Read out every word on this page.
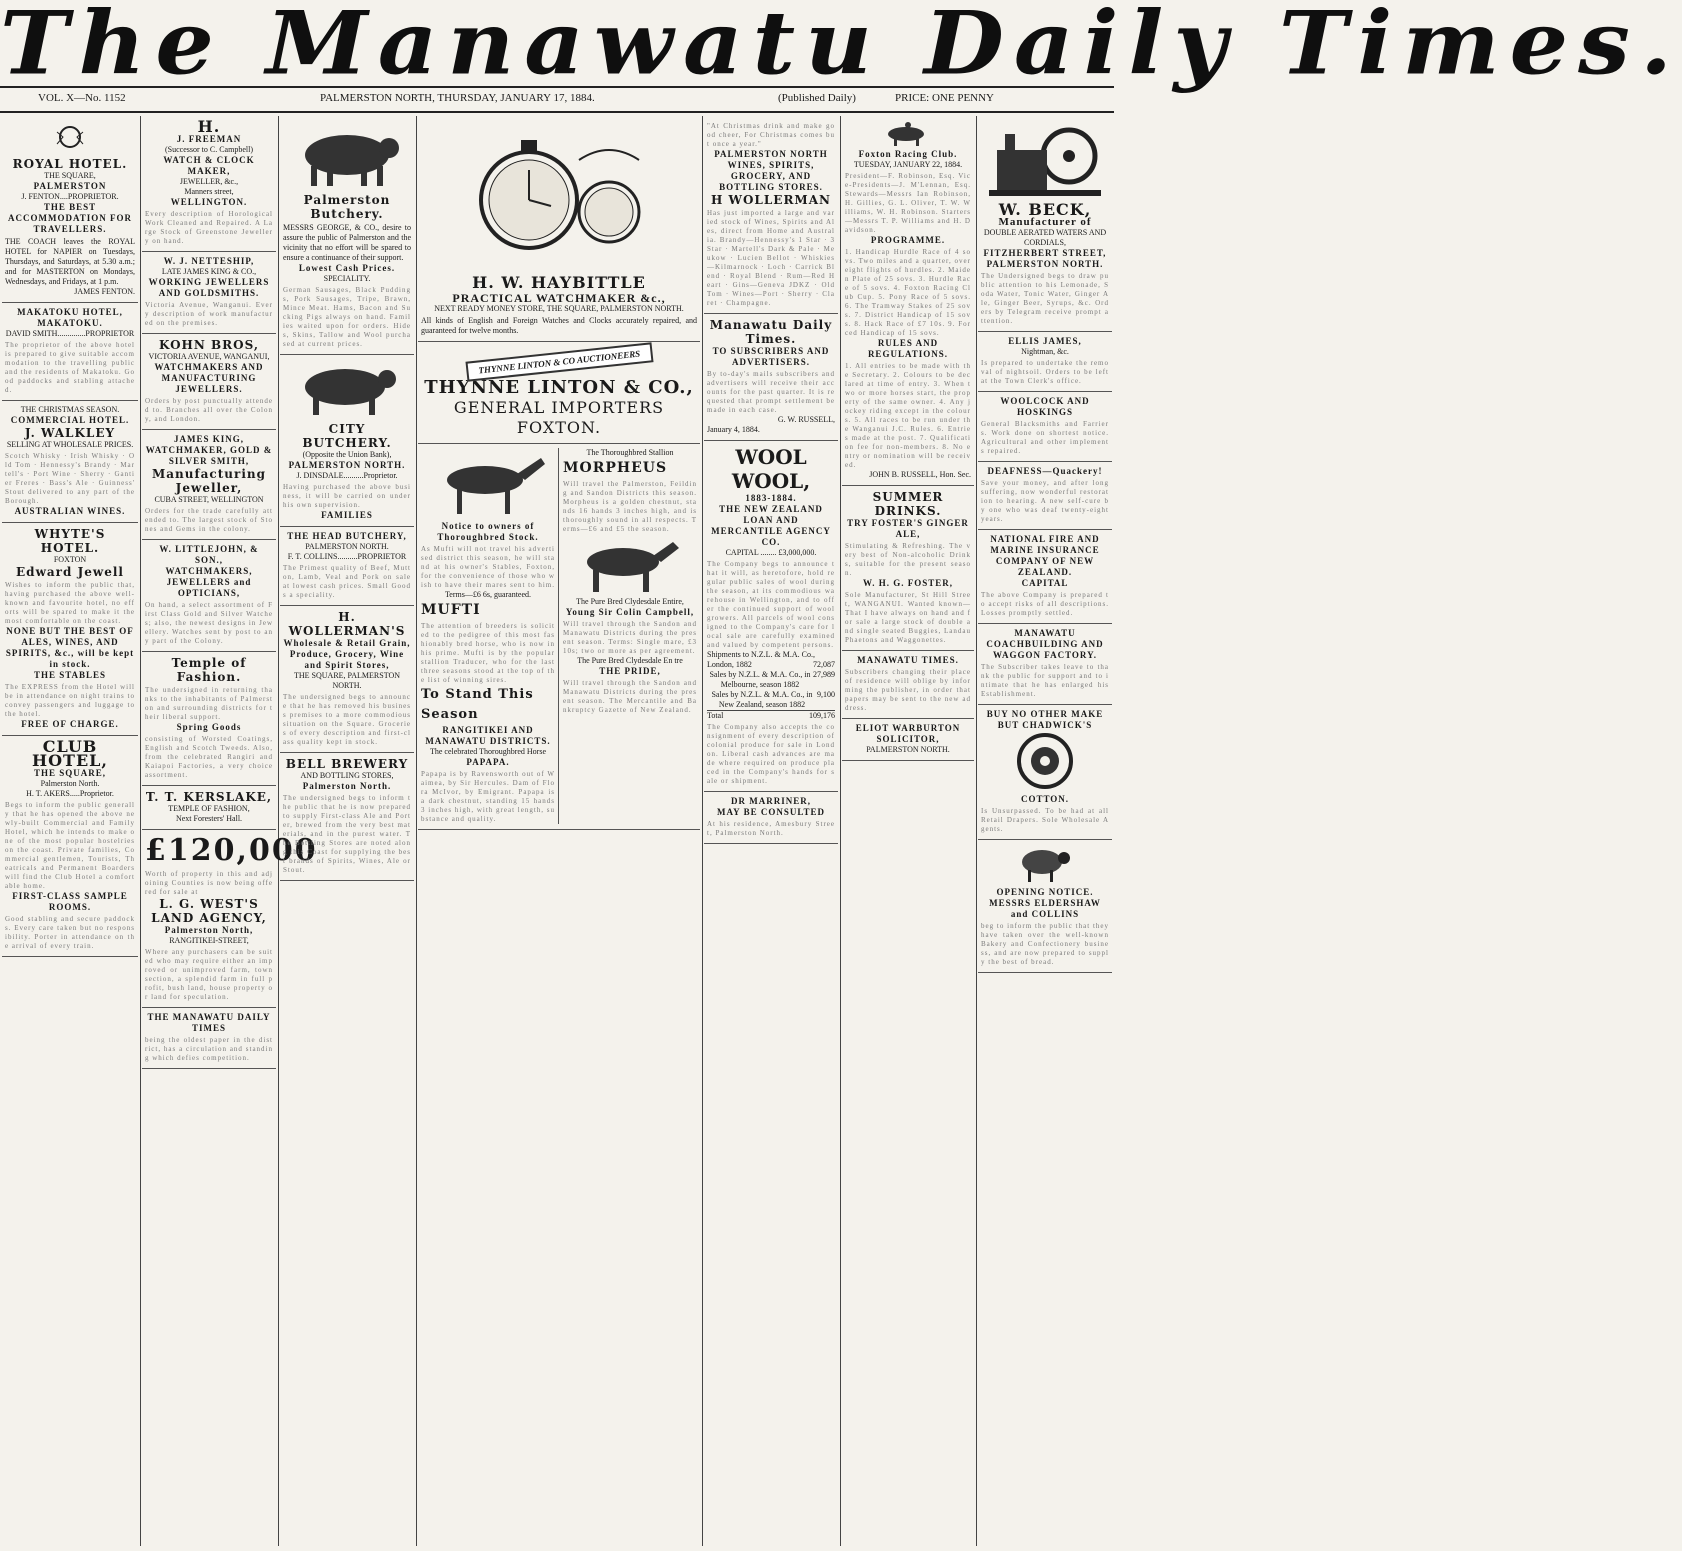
The Manawatu Daily Times.
VOL. X—No. 1152	PALMERSTON NORTH, THURSDAY, JANUARY 17, 1884.	(Published Daily)	PRICE: ONE PENNY
ROYAL HOTEL.
THE SQUARE,
PALMERSTON
J. FENTON....PROPRIETOR.
THE BEST ACCOMMODATION FOR TRAVELLERS.

THE COACH leaves the ROYAL HOTEL for NAPIER on Tuesdays, Thursdays, and Saturdays, at 5.30 a.m.; and for MASTERTON on Mondays, Wednesdays, and Fridays, at 1 p.m.

JAMES FENTON.
MAKATOKU HOTEL, MAKATOKU.
DAVID SMITH..............PROPRIETOR

The proprietor of the above hotel is prepared to give suitable accommodation to the travelling public and the residents of Makatoku. Good paddocks and stabling attached.

THE CHRISTMAS SEASON.
COMMERCIAL HOTEL.
J. WALKLEY
SELLING AT WHOLESALE PRICES.

Scotch Whisky · Irish Whisky · Old Tom · Hennessy's Brandy · Martell's · Port Wine · Sherry · Gantier Freres · Bass's Ale · Guinness' Stout delivered to any part of the Borough.

AUSTRALIAN WINES.
WHYTE'S HOTEL.
FOXTON
Edward Jewell

Wishes to inform the public that, having purchased the above well-known and favourite hotel, no efforts will be spared to make it the most comfortable on the coast.

NONE BUT THE BEST OF ALES, WINES, AND SPIRITS, &c., will be kept in stock.
THE STABLES

The EXPRESS from the Hotel will be in attendance on night trains to convey passengers and luggage to the hotel.

FREE OF CHARGE.
CLUB HOTEL,
THE SQUARE,
Palmerston North.
H. T. AKERS.....Proprietor.

Begs to inform the public generally that he has opened the above newly-built Commercial and Family Hotel, which he intends to make one of the most popular hostelries on the coast. Private families, Commercial gentlemen, Tourists, Theatricals and Permanent Boarders will find the Club Hotel a comfortable home.

FIRST-CLASS SAMPLE ROOMS.

Good stabling and secure paddocks. Every care taken but no responsibility. Porter in attendance on the arrival of every train.

H.
J. FREEMAN
(Successor to C. Campbell)
WATCH & CLOCK MAKER,
JEWELLER, &c.,
Manners street,
WELLINGTON.

Every description of Horological Work Cleaned and Repaired. A Large Stock of Greenstone Jewellery on hand.

W. J. NETTESHIP,
LATE JAMES KING & CO.,
WORKING JEWELLERS AND GOLDSMITHS.

Victoria Avenue, Wanganui. Every description of work manufactured on the premises.

KOHN BROS,
VICTORIA AVENUE, WANGANUI,
WATCHMAKERS AND MANUFACTURING JEWELLERS.

Orders by post punctually attended to. Branches all over the Colony, and London.

JAMES KING, WATCHMAKER, GOLD & SILVER SMITH,
Manufacturing Jeweller,
CUBA STREET, WELLINGTON

Orders for the trade carefully attended to. The largest stock of Stones and Gems in the colony.

W. LITTLEJOHN, & SON.,
WATCHMAKERS, JEWELLERS and OPTICIANS,

On hand, a select assortment of First Class Gold and Silver Watches; also, the newest designs in Jewellery. Watches sent by post to any part of the Colony.

Temple of Fashion.

The undersigned in returning thanks to the inhabitants of Palmerston and surrounding districts for their liberal support.

Spring Goods

consisting of Worsted Coatings, English and Scotch Tweeds. Also, from the celebrated Rangiri and Kaiapoi Factories, a very choice assortment.

T. T. KERSLAKE,
TEMPLE OF FASHION,
Next Foresters' Hall.
£120,000

Worth of property in this and adjoining Counties is now being offered for sale at

L. G. WEST'S
LAND AGENCY,
Palmerston North,
RANGITIKEI-STREET,

Where any purchasers can be suited who may require either an improved or unimproved farm, town section, a splendid farm in full profit, bush land, house property or land for speculation.

THE MANAWATU DAILY TIMES

being the oldest paper in the district, has a circulation and standing which defies competition.

Palmerston Butchery.

MESSRS GEORGE, & CO., desire to assure the public of Palmerston and the vicinity that no effort will be spared to ensure a continuance of their support.

Lowest Cash Prices.
SPECIALITY.

German Sausages, Black Puddings, Pork Sausages, Tripe, Brawn, Mince Meat. Hams, Bacon and Sucking Pigs always on hand. Families waited upon for orders. Hides, Skins, Tallow and Wool purchased at current prices.

CITY BUTCHERY.
(Opposite the Union Bank),
PALMERSTON NORTH.
J. DINSDALE..........Proprietor.

Having purchased the above business, it will be carried on under his own supervision.

FAMILIES
THE HEAD BUTCHERY,
PALMERSTON NORTH.
F. T. COLLINS..........PROPRIETOR

The Primest quality of Beef, Mutton, Lamb, Veal and Pork on sale at lowest cash prices. Small Goods a speciality.

H. WOLLERMAN'S
Wholesale & Retail Grain, Produce, Grocery, Wine and Spirit Stores,
THE SQUARE, PALMERSTON NORTH.

The undersigned begs to announce that he has removed his business premises to a more commodious situation on the Square. Groceries of every description and first-class quality kept in stock.

BELL BREWERY
AND BOTTLING STORES,
Palmerston North.

The undersigned begs to inform the public that he is now prepared to supply First-class Ale and Porter, brewed from the very best materials, and in the purest water. The Bottling Stores are noted along this Coast for supplying the best brands of Spirits, Wines, Ale or Stout.

H. W. HAYBITTLE
PRACTICAL WATCHMAKER &c.,
NEXT READY MONEY STORE, THE SQUARE, PALMERSTON NORTH.

All kinds of English and Foreign Watches and Clocks accurately repaired, and guaranteed for twelve months.

THYNNE LINTON & CO AUCTIONEERS
THYNNE LINTON & CO.,
GENERAL IMPORTERS
FOXTON.
Notice to owners of Thoroughbred Stock.

As Mufti will not travel his advertised district this season, he will stand at his owner's Stables, Foxton, for the convenience of those who wish to have their mares sent to him.

Terms—£6 6s, guaranteed.
MUFTI

The attention of breeders is solicited to the pedigree of this most fashionably bred horse, who is now in his prime. Mufti is by the popular stallion Traducer, who for the last three seasons stood at the top of the list of winning sires.

To Stand This Season
RANGITIKEI AND MANAWATU DISTRICTS.
The celebrated Thoroughbred Horse
PAPAPA.

Papapa is by Ravensworth out of Waimea, by Sir Hercules. Dam of Flora McIvor, by Emigrant. Papapa is a dark chestnut, standing 15 hands 3 inches high, with great length, substance and quality.

The Thoroughbred Stallion
MORPHEUS

Will travel the Palmerston, Feilding and Sandon Districts this season. Morpheus is a golden chestnut, stands 16 hands 3 inches high, and is thoroughly sound in all respects. Terms—£6 and £5 the season.

The Pure Bred Clydesdale Entire,
Young Sir Colin Campbell,

Will travel through the Sandon and Manawatu Districts during the present season. Terms: Single mare, £3 10s; two or more as per agreement.

The Pure Bred Clydesdale En tre
THE PRIDE,

Will travel through the Sandon and Manawatu Districts during the present season. The Mercantile and Bankruptcy Gazette of New Zealand.

"At Christmas drink and make good cheer, For Christmas comes but once a year."

PALMERSTON NORTH WINES, SPIRITS, GROCERY, AND BOTTLING STORES.
H WOLLERMAN

Has just imported a large and varied stock of Wines, Spirits and Ales, direct from Home and Australia. Brandy—Hennessy's 1 Star · 3 Star · Martell's Dark & Pale · Meukow · Lucien Bellot · Whiskies—Kilmarnock · Loch · Carrick Blend · Royal Blend · Rum—Red Heart · Gins—Geneva JDKZ · Old Tom · Wines—Port · Sherry · Claret · Champagne.

Manawatu Daily Times.
TO SUBSCRIBERS AND ADVERTISERS.

By to-day's mails subscribers and advertisers will receive their accounts for the past quarter. It is requested that prompt settlement be made in each case.

G. W. RUSSELL,
January 4, 1884.
WOOL WOOL,
1883-1884.
THE NEW ZEALAND LOAN AND MERCANTILE AGENCY CO.
CAPITAL ........ £3,000,000.

The Company begs to announce that it will, as heretofore, hold regular public sales of wool during the season, at its commodious warehouse in Wellington, and to offer the continued support of wool growers. All parcels of wool consigned to the Company's care for local sale are carefully examined and valued by competent persons.

Shipments to N.Z.L. & M.A. Co.,
London, 1882	72,087
Sales by N.Z.L. & M.A. Co., in Melbourne, season 1882
27,989
Sales by N.Z.L. & M.A. Co., in New Zealand, season 1882
9,100
Total	109,176

The Company also accepts the consignment of every description of colonial produce for sale in London. Liberal cash advances are made where required on produce placed in the Company's hands for sale or shipment.

DR MARRINER,
MAY BE CONSULTED

At his residence, Amesbury Street, Palmerston North.

Foxton Racing Club.
TUESDAY, JANUARY 22, 1884.

President—F. Robinson, Esq. Vice-Presidents—J. M'Lennan, Esq. Stewards—Messrs Ian Robinson, H. Gillies, G. L. Oliver, T. W. Williams, W. H. Robinson. Starters—Messrs T. P. Williams and H. Davidson.

PROGRAMME.

1. Handicap Hurdle Race of 4 sovs. Two miles and a quarter, over eight flights of hurdles. 2. Maiden Plate of 25 sovs. 3. Hurdle Race of 5 sovs. 4. Foxton Racing Club Cup. 5. Pony Race of 5 sovs. 6. The Tramway Stakes of 25 sovs. 7. District Handicap of 15 sovs. 8. Hack Race of £7 10s. 9. Forced Handicap of 15 sovs.

RULES AND REGULATIONS.

1. All entries to be made with the Secretary. 2. Colours to be declared at time of entry. 3. When two or more horses start, the property of the same owner. 4. Any jockey riding except in the colours. 5. All races to be run under the Wanganui J.C. Rules. 6. Entries made at the post. 7. Qualification fee for non-members. 8. No entry or nomination will be received.

JOHN B. RUSSELL, Hon. Sec.
SUMMER DRINKS.
TRY FOSTER'S GINGER ALE,

Stimulating & Refreshing. The very best of Non-alcoholic Drinks, suitable for the present season.

W. H. G. FOSTER,

Sole Manufacturer, St Hill Street, WANGANUI. Wanted known—That I have always on hand and for sale a large stock of double and single seated Buggies, Landau Phaetons and Waggonettes.

MANAWATU TIMES.

Subscribers changing their place of residence will oblige by informing the publisher, in order that papers may be sent to the new address.

ELIOT WARBURTON
SOLICITOR,
PALMERSTON NORTH.
W. BECK,
Manufacturer of
DOUBLE AERATED WATERS AND CORDIALS,
FITZHERBERT STREET, PALMERSTON NORTH.

The Undersigned begs to draw public attention to his Lemonade, Soda Water, Tonic Water, Ginger Ale, Ginger Beer, Syrups, &c. Orders by Telegram receive prompt attention.

ELLIS JAMES,
Nightman, &c.

Is prepared to undertake the removal of nightsoil. Orders to be left at the Town Clerk's office.

WOOLCOCK AND HOSKINGS

General Blacksmiths and Farriers. Work done on shortest notice. Agricultural and other implements repaired.

DEAFNESS—Quackery!

Save your money, and after long suffering, now wonderful restoration to hearing. A new self-cure by one who was deaf twenty-eight years.

NATIONAL FIRE AND MARINE INSURANCE COMPANY OF NEW ZEALAND.
CAPITAL

The above Company is prepared to accept risks of all descriptions. Losses promptly settled.

MANAWATU COACHBUILDING AND WAGGON FACTORY.

The Subscriber takes leave to thank the public for support and to intimate that he has enlarged his Establishment.

BUY NO OTHER MAKE BUT CHADWICK'S
COTTON.

Is Unsurpassed. To be had at all Retail Drapers. Sole Wholesale Agents.

OPENING NOTICE.
MESSRS ELDERSHAW and COLLINS

beg to inform the public that they have taken over the well-known Bakery and Confectionery business, and are now prepared to supply the best of bread.
